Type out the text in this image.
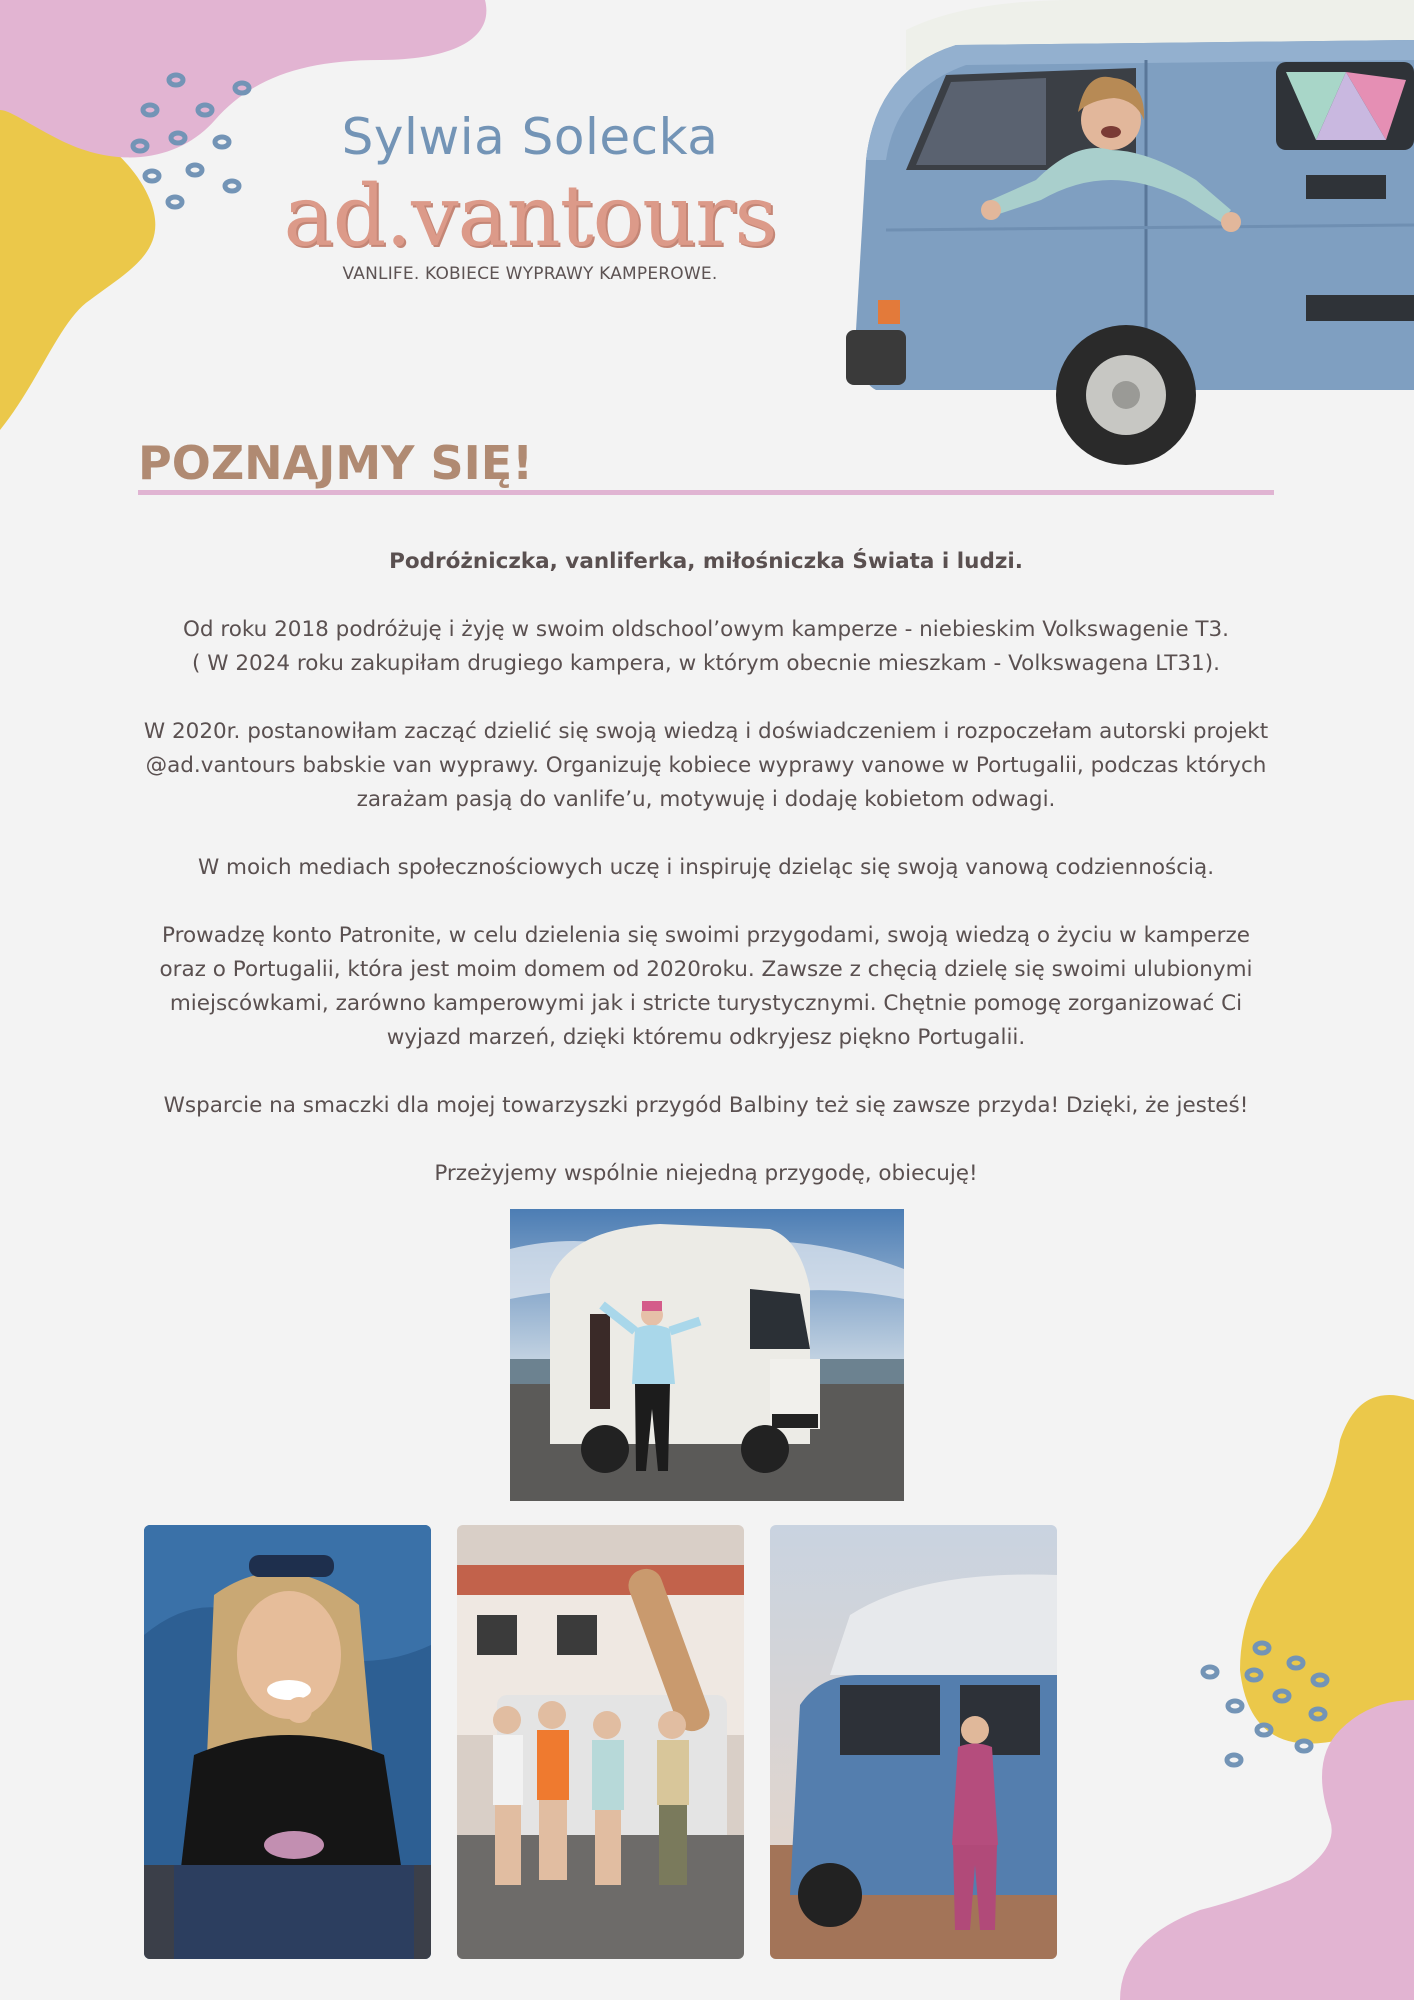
Sylwia Solecka
ad.vantours
VANLIFE. KOBIECE WYPRAWY KAMPEROWE.
POZNAJMY SIĘ!

Podróżniczka, vanliferka, miłośniczka Świata i ludzi.

Od roku 2018 podróżuję i żyję w swoim oldschool’owym kamperze - niebieskim Volkswagenie T3.
( W 2024 roku zakupiłam drugiego kampera, w którym obecnie mieszkam - Volkswagena LT31).

W 2020r. postanowiłam zacząć dzielić się swoją wiedzą i doświadczeniem i rozpoczełam autorski projekt
@ad.vantours babskie van wyprawy. Organizuję kobiece wyprawy vanowe w Portugalii, podczas których
zarażam pasją do vanlife’u, motywuję i dodaję kobietom odwagi.

W moich mediach społecznościowych uczę i inspiruję dzieląc się swoją vanową codziennością.

Prowadzę konto Patronite, w celu dzielenia się swoimi przygodami, swoją wiedzą o życiu w kamperze
oraz o Portugalii, która jest moim domem od 2020roku. Zawsze z chęcią dzielę się swoimi ulubionymi
miejscówkami, zarówno kamperowymi jak i stricte turystycznymi. Chętnie pomogę zorganizować Ci
wyjazd marzeń, dzięki któremu odkryjesz piękno Portugalii.

Wsparcie na smaczki dla mojej towarzyszki przygód Balbiny też się zawsze przyda! Dzięki, że jesteś!

Przeżyjemy wspólnie niejedną przygodę, obiecuję!
